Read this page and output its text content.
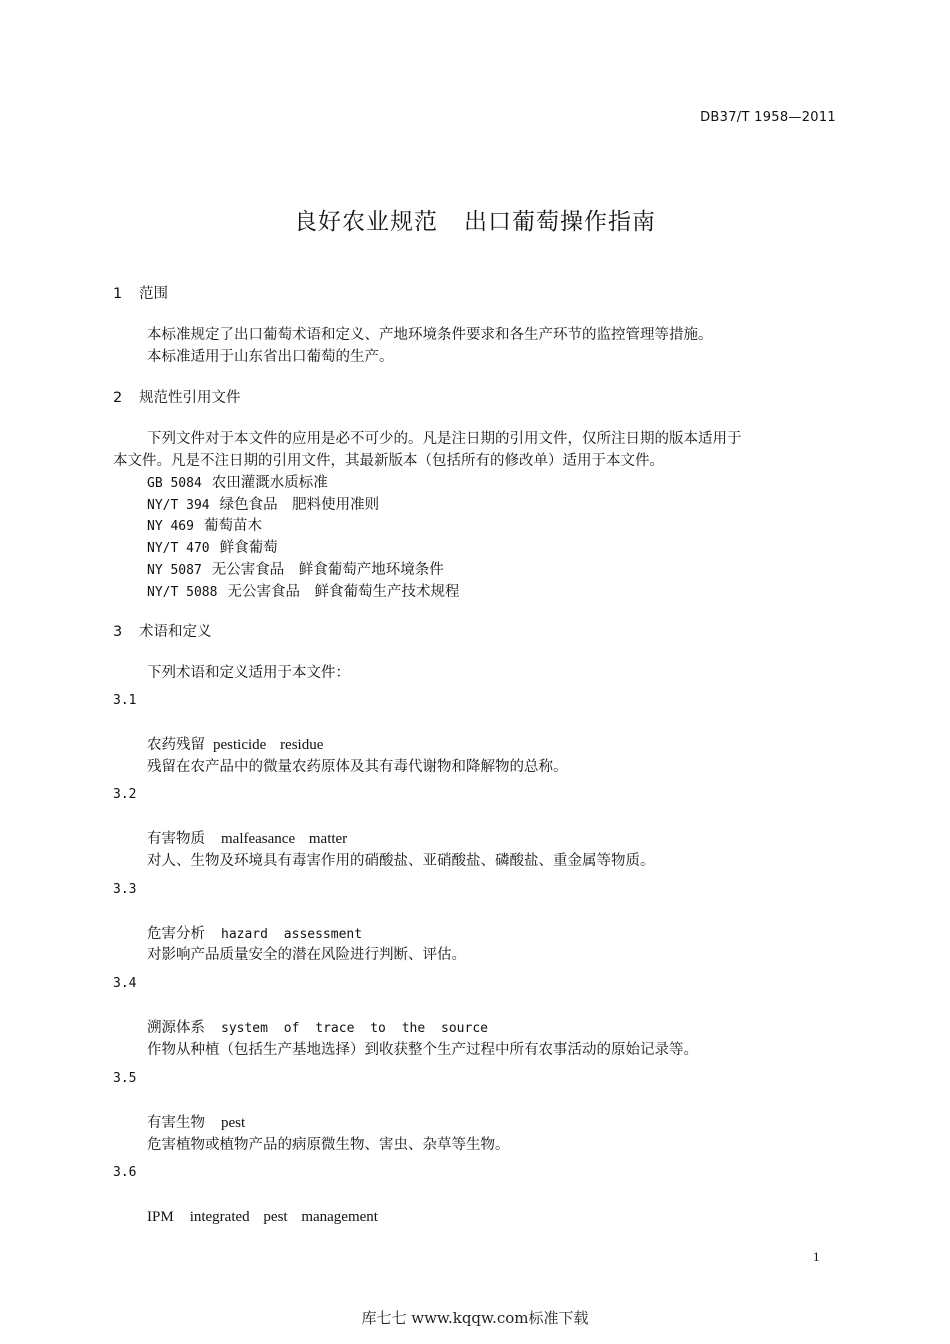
DB37/T 1958—2011
良好农业规范 出口葡萄操作指南
1 范围
本标准规定了出口葡萄术语和定义、产地环境条件要求和各生产环节的监控管理等措施。
本标准适用于山东省出口葡萄的生产。
2 规范性引用文件
下列文件对于本文件的应用是必不可少的。凡是注日期的引用文件，仅所注日期的版本适用于
本文件。凡是不注日期的引用文件，其最新版本（包括所有的修改单）适用于本文件。
GB 5084 农田灌溉水质标准
NY/T 394 绿色食品　肥料使用准则
NY 469 葡萄苗木
NY/T 470 鲜食葡萄
NY 5087 无公害食品　鲜食葡萄产地环境条件
NY/T 5088 无公害食品　鲜食葡萄生产技术规程
3 术语和定义
下列术语和定义适用于本文件：
3.1
农药残留  pesticide residue
残留在农产品中的微量农药原体及其有毒代谢物和降解物的总称。
3.2
有害物质  malfeasance matter
对人、生物及环境具有毒害作用的硝酸盐、亚硝酸盐、磷酸盐、重金属等物质。
3.3
危害分析  hazard assessment
对影响产品质量安全的潜在风险进行判断、评估。
3.4
溯源体系  system of trace to the source
作物从种植（包括生产基地选择）到收获整个生产过程中所有农事活动的原始记录等。
3.5
有害生物  pest
危害植物或植物产品的病原微生物、害虫、杂草等生物。
3.6
IPM  integrated pest management
1
库七七 www.kqqw.com标准下载
